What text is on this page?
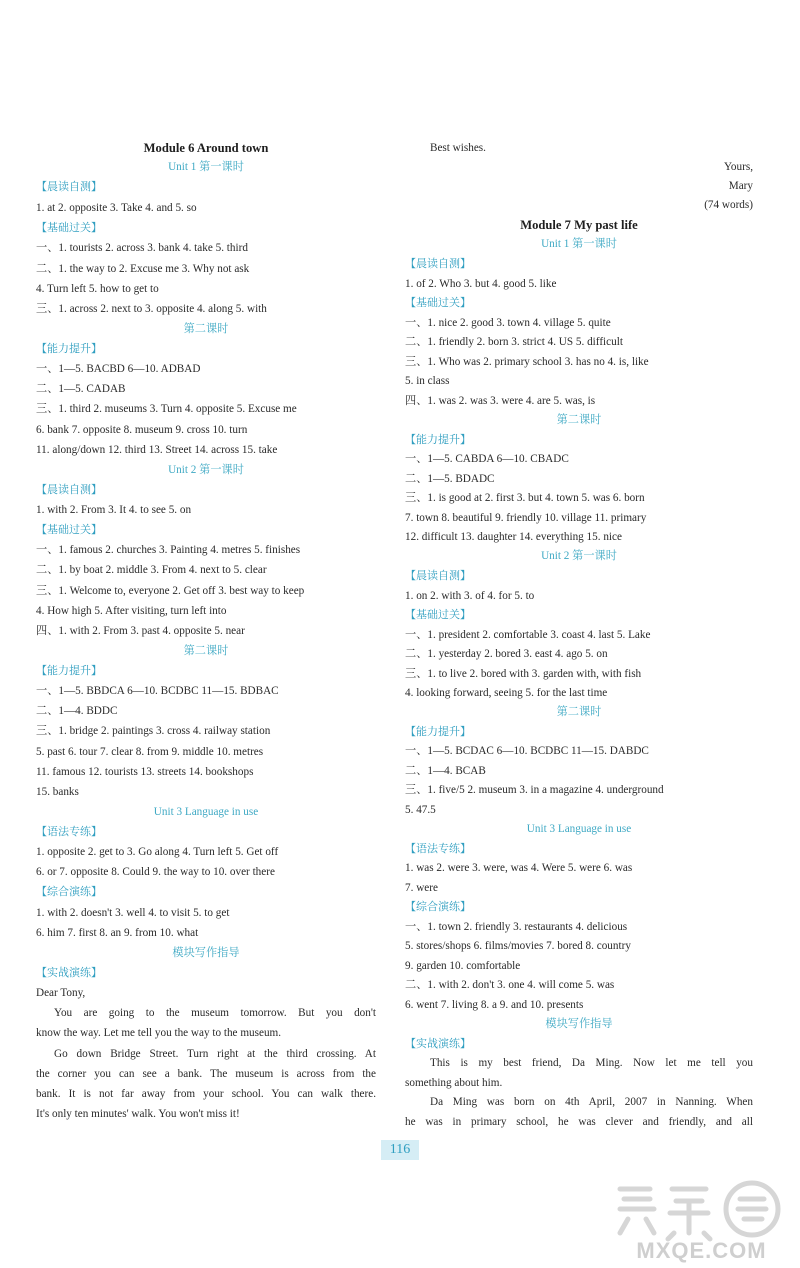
Module 6 Around town
Unit 1 第一课时
【晨读自测】
1. at 2. opposite 3. Take 4. and 5. so
【基础过关】
一、1. tourists 2. across 3. bank 4. take 5. third
二、1. the way to 2. Excuse me 3. Why not ask
4. Turn left 5. how to get to
三、1. across 2. next to 3. opposite 4. along 5. with
第二课时
【能力提升】
一、1—5. BACBD 6—10. ADBAD
二、1—5. CADAB
三、1. third 2. museums 3. Turn 4. opposite 5. Excuse me
6. bank 7. opposite 8. museum 9. cross 10. turn
11. along/down 12. third 13. Street 14. across 15. take
Unit 2 第一课时
【晨读自测】
1. with 2. From 3. It 4. to see 5. on
【基础过关】
一、1. famous 2. churches 3. Painting 4. metres 5. finishes
二、1. by boat 2. middle 3. From 4. next to 5. clear
三、1. Welcome to, everyone 2. Get off 3. best way to keep
4. How high 5. After visiting, turn left into
四、1. with 2. From 3. past 4. opposite 5. near
第二课时
【能力提升】
一、1—5. BBDCA 6—10. BCDBC 11—15. BDBAC
二、1—4. BDDC
三、1. bridge 2. paintings 3. cross 4. railway station
5. past 6. tour 7. clear 8. from 9. middle 10. metres
11. famous 12. tourists 13. streets 14. bookshops
15. banks
Unit 3 Language in use
【语法专练】
1. opposite 2. get to 3. Go along 4. Turn left 5. Get off
6. or 7. opposite 8. Could 9. the way to 10. over there
【综合演练】
1. with 2. doesn't 3. well 4. to visit 5. to get
6. him 7. first 8. an 9. from 10. what
模块写作指导
【实战演练】
Dear Tony,
You are going to the museum tomorrow. But you don't
know the way. Let me tell you the way to the museum.
Go down Bridge Street. Turn right at the third crossing. At
the corner you can see a bank. The museum is across from the
bank. It is not far away from your school. You can walk there.
It's only ten minutes' walk. You won't miss it!
Best wishes.
Yours,
Mary
(74 words)
Module 7 My past life
Unit 1 第一课时
【晨读自测】
1. of 2. Who 3. but 4. good 5. like
【基础过关】
一、1. nice 2. good 3. town 4. village 5. quite
二、1. friendly 2. born 3. strict 4. US 5. difficult
三、1. Who was 2. primary school 3. has no 4. is, like
5. in class
四、1. was 2. was 3. were 4. are 5. was, is
第二课时
【能力提升】
一、1—5. CABDA 6—10. CBADC
二、1—5. BDADC
三、1. is good at 2. first 3. but 4. town 5. was 6. born
7. town 8. beautiful 9. friendly 10. village 11. primary
12. difficult 13. daughter 14. everything 15. nice
Unit 2 第一课时
【晨读自测】
1. on 2. with 3. of 4. for 5. to
【基础过关】
一、1. president 2. comfortable 3. coast 4. last 5. Lake
二、1. yesterday 2. bored 3. east 4. ago 5. on
三、1. to live 2. bored with 3. garden with, with fish
4. looking forward, seeing 5. for the last time
第二课时
【能力提升】
一、1—5. BCDAC 6—10. BCDBC 11—15. DABDC
二、1—4. BCAB
三、1. five/5 2. museum 3. in a magazine 4. underground
5. 47.5
Unit 3 Language in use
【语法专练】
1. was 2. were 3. were, was 4. Were 5. were 6. was
7. were
【综合演练】
一、1. town 2. friendly 3. restaurants 4. delicious
5. stores/shops 6. films/movies 7. bored 8. country
9. garden 10. comfortable
二、1. with 2. don't 3. one 4. will come 5. was
6. went 7. living 8. a 9. and 10. presents
模块写作指导
【实战演练】
This is my best friend, Da Ming. Now let me tell you
something about him.
Da Ming was born on 4th April, 2007 in Nanning. When
he was in primary school, he was clever and friendly, and all
116
MXQE.COM
